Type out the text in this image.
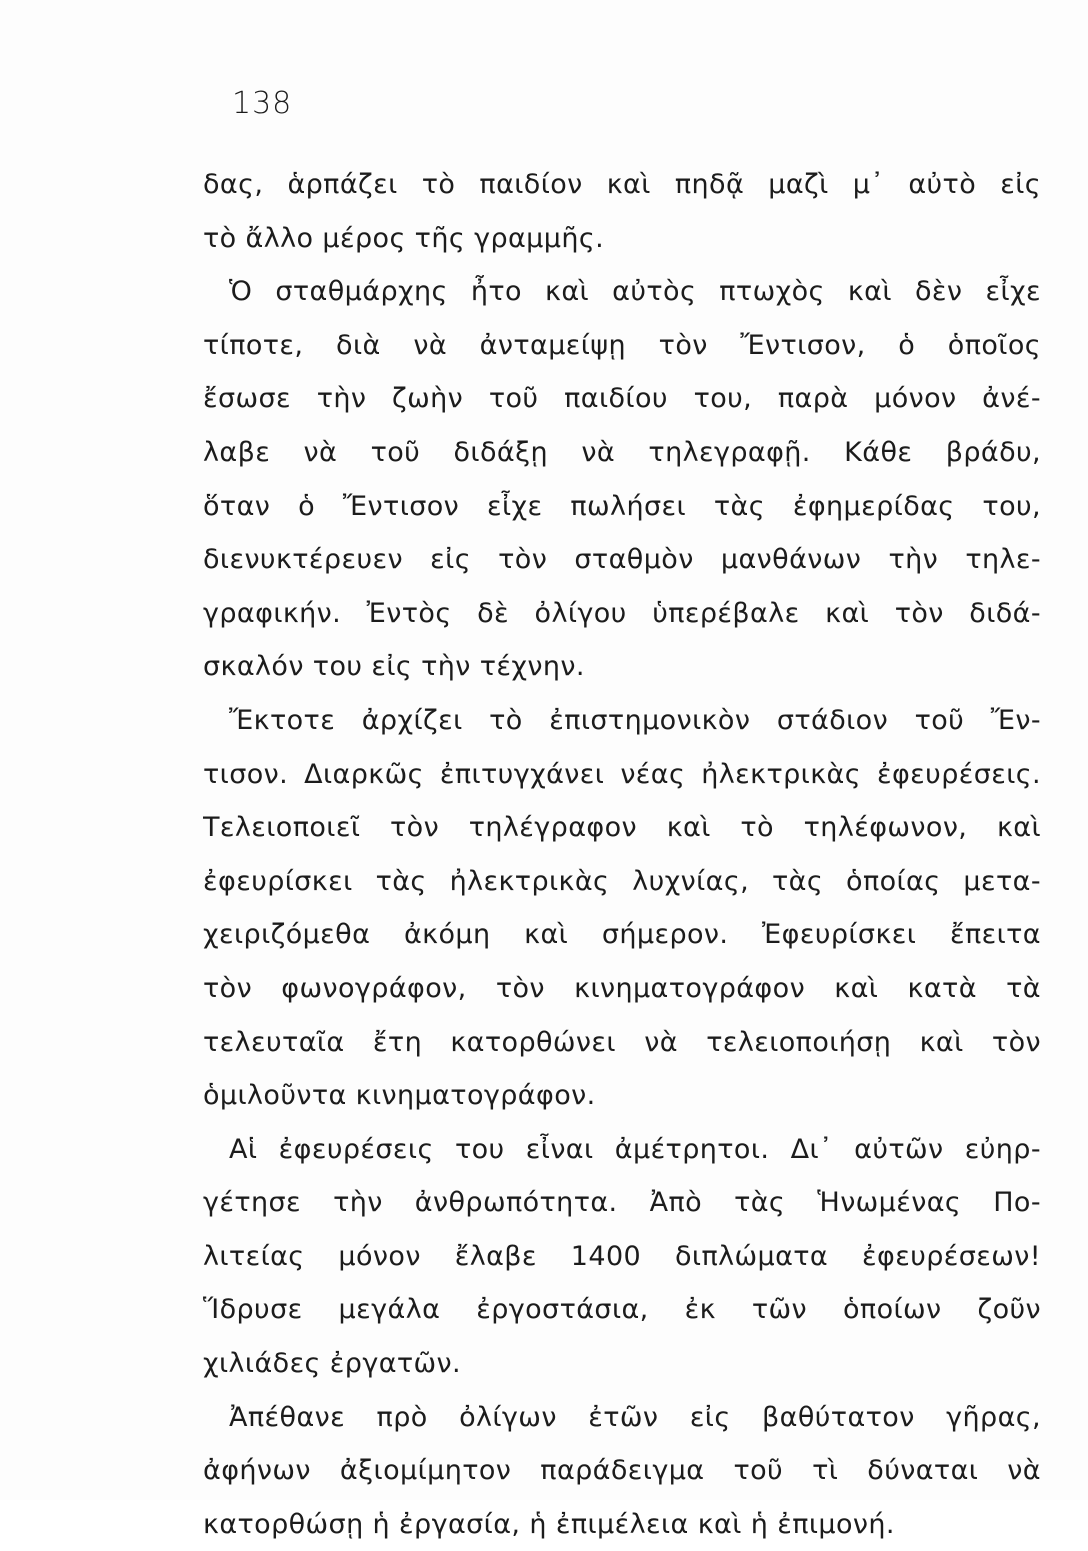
138
δας, ἁρπάζει τὸ παιδίον καὶ πηδᾷ μαζὶ μ᾽ αὐτὸ εἰς
τὸ ἄλλο μέρος τῆς γραμμῆς.
Ὁ σταθμάρχης ἦτο καὶ αὐτὸς πτωχὸς καὶ δὲν εἶχε
τίποτε, διὰ νὰ ἀνταμείψῃ τὸν Ἔντισον, ὁ ὁποῖος
ἔσωσε τὴν ζωὴν τοῦ παιδίου του, παρὰ μόνον ἀνέ-
λαβε νὰ τοῦ διδάξῃ νὰ τηλεγραφῇ. Κάθε βράδυ,
ὅταν ὁ Ἔντισον εἶχε πωλήσει τὰς ἐφημερίδας του,
διενυκτέρευεν εἰς τὸν σταθμὸν μανθάνων τὴν τηλε-
γραφικήν. Ἐντὸς δὲ ὀλίγου ὑπερέβαλε καὶ τὸν διδά-
σκαλόν του εἰς τὴν τέχνην.
Ἔκτοτε ἀρχίζει τὸ ἐπιστημονικὸν στάδιον τοῦ Ἔν-
τισον. Διαρκῶς ἐπιτυγχάνει νέας ἠλεκτρικὰς ἐφευρέσεις.
Τελειοποιεῖ τὸν τηλέγραφον καὶ τὸ τηλέφωνον, καὶ
ἐφευρίσκει τὰς ἠλεκτρικὰς λυχνίας, τὰς ὁποίας μετα-
χειριζόμεθα ἀκόμη καὶ σήμερον. Ἐφευρίσκει ἔπειτα
τὸν φωνογράφον, τὸν κινηματογράφον καὶ κατὰ τὰ
τελευταῖα ἔτη κατορθώνει νὰ τελειοποιήσῃ καὶ τὸν
ὁμιλοῦντα κινηματογράφον.
Αἱ ἐφευρέσεις του εἶναι ἀμέτρητοι. Δι᾽ αὐτῶν εὐηρ-
γέτησε τὴν ἀνθρωπότητα. Ἀπὸ τὰς Ἡνωμένας Πο-
λιτείας μόνον ἔλαβε 1400 διπλώματα ἐφευρέσεων!
Ἵδρυσε μεγάλα ἐργοστάσια, ἐκ τῶν ὁποίων ζοῦν
χιλιάδες ἐργατῶν.
Ἀπέθανε πρὸ ὀλίγων ἐτῶν εἰς βαθύτατον γῆρας,
ἀφήνων ἀξιομίμητον παράδειγμα τοῦ τὶ δύναται νὰ
κατορθώσῃ ἡ ἐργασία, ἡ ἐπιμέλεια καὶ ἡ ἐπιμονή.
